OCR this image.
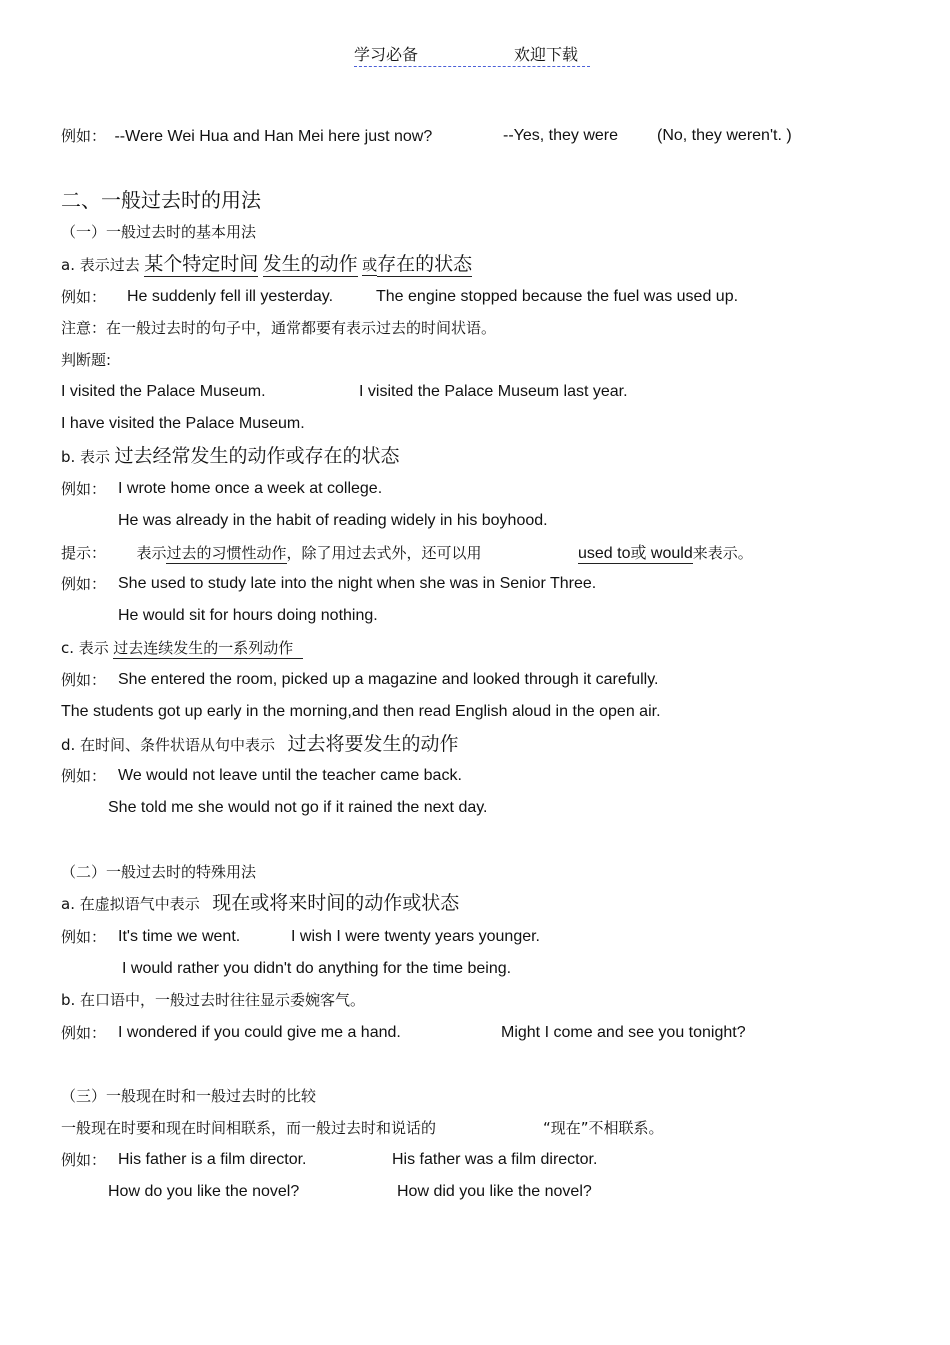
学习必备	欢迎下载
例如： --Were Wei Hua and Han Mei here just now?	--Yes, they were (No, they weren't. )
二、一般过去时的用法
（一）一般过去时的基本用法
a. 表示过去 某个特定时间 发生的动作 或存在的状态
例如： He suddenly fell ill yesterday.	The engine stopped because the fuel was used up.
注意：在一般过去时的句子中，通常都要有表示过去的时间状语。
判断题:
I visited the Palace Museum.	I visited the Palace Museum last year.
I have visited the Palace Museum.
b. 表示 过去经常发生的动作或存在的状态
例如： I wrote home once a week at college.
He was already in the habit of reading widely in his boyhood.
提示： 表示过去的习惯性动作，除了用过去式外，还可以用	used to或 would来表示。
例如： She used to study late into the night when she was in Senior Three.
He would sit for hours doing nothing.
c. 表示 过去连续发生的一系列动作
例如： She entered the room, picked up a magazine and looked through it carefully.
The students got up early in the morning,and then read English aloud in the open air.
d. 在时间、条件状语从句中表示 过去将要发生的动作
例如： We would not leave until the teacher came back.
She told me she would not go if it rained the next day.
（二）一般过去时的特殊用法
a. 在虚拟语气中表示 现在或将来时间的动作或状态
例如： It's time we went.	I wish I were twenty years younger.
I would rather you didn't do anything for the time being.
b. 在口语中，一般过去时往往显示委婉客气。
例如： I wondered if you could give me a hand.	Might I come and see you tonight?
（三）一般现在时和一般过去时的比较
一般现在时要和现在时间相联系，而一般过去时和说话的	“现在”不相联系。
例如： His father is a film director.	His father was a film director.
How do you like the novel?	How did you like the novel?
